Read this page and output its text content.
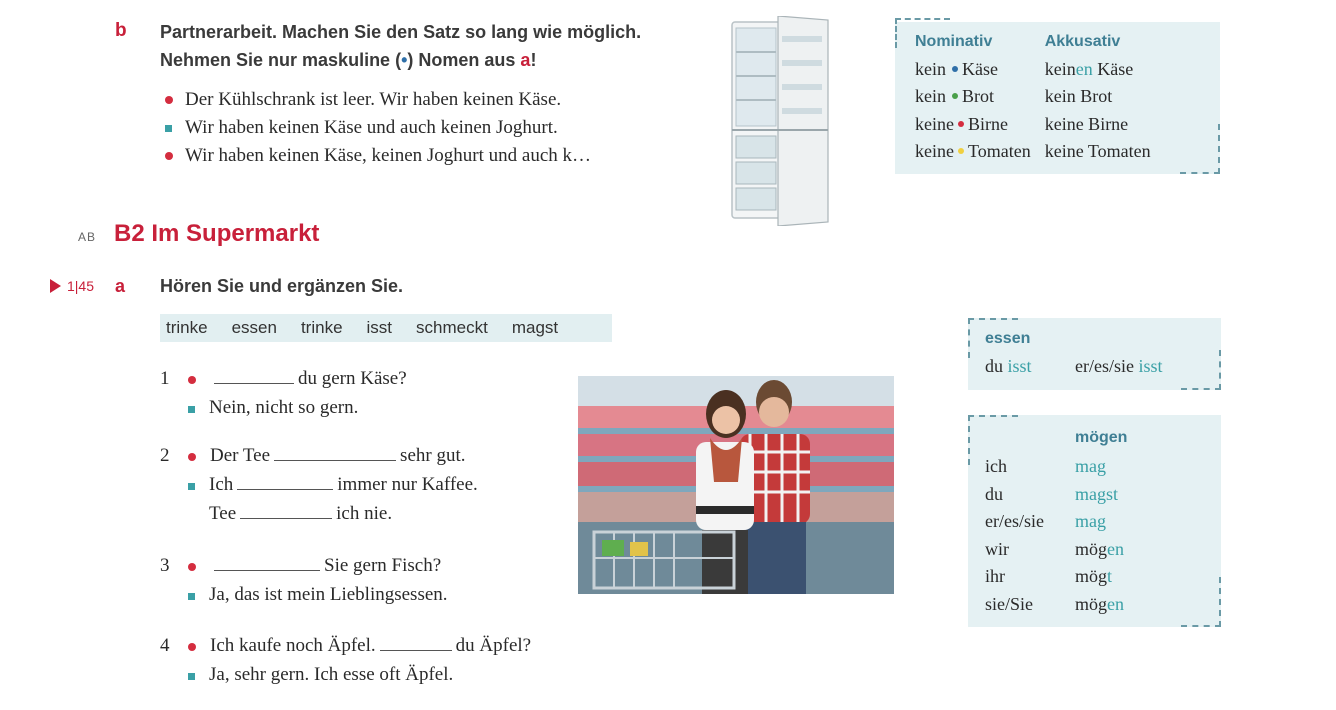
b Partnerarbeit. Machen Sie den Satz so lang wie möglich.
Nehmen Sie nur maskuline (•) Nomen aus a!
Der Kühlschrank ist leer. Wir haben keinen Käse.
Wir haben keinen Käse und auch keinen Joghurt.
Wir haben keinen Käse, keinen Joghurt und auch k…
Nominativ	Akkusativ
kein Käse	keinen Käse
kein Brot	kein Brot
keine Birne	keine Birne
keine Tomaten	keine Tomaten
AB B2 Im Supermarkt
1|45 a Hören Sie und ergänzen Sie.
trinke essen trinke isst schmeckt magst
1	du gern Käse?
Nein, nicht so gern.
2 Der Tee	sehr gut.
Ich	immer nur Kaffee.
Tee	ich nie.
3	Sie gern Fisch?
Ja, das ist mein Lieblingsessen.
4 Ich kaufe noch Äpfel.	du Äpfel?
Ja, sehr gern. Ich esse oft Äpfel.
essen
du isst er/es/sie isst
mögen
ich	mag
du	magst
er/es/sie	mag
wir	mög en
ihr	mög t
sie/Sie	mög en
